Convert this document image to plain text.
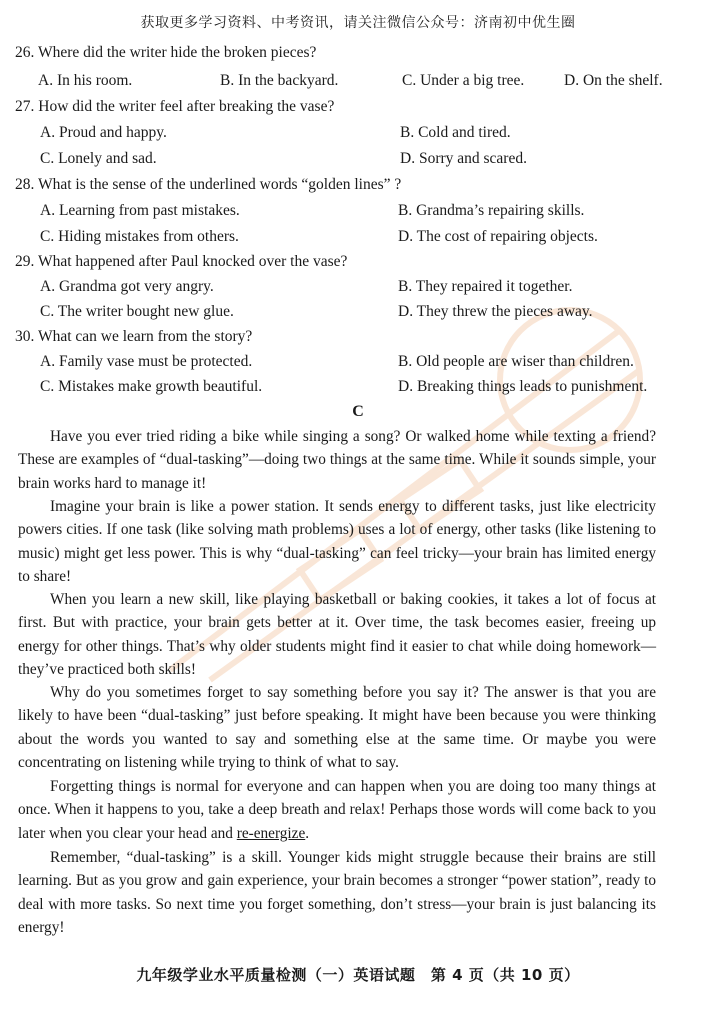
获取更多学习资料、中考资讯，请关注微信公众号：济南初中优生圈
26. Where did the writer hide the broken pieces?
A. In his room.	B. In the backyard.	C. Under a big tree.	D. On the shelf.
27. How did the writer feel after breaking the vase?
A. Proud and happy.	B. Cold and tired.
C. Lonely and sad.	D. Sorry and scared.
28. What is the sense of the underlined words “golden lines” ?
A. Learning from past mistakes.	B. Grandma’s repairing skills.
C. Hiding mistakes from others.	D. The cost of repairing objects.
29. What happened after Paul knocked over the vase?
A. Grandma got very angry.	B. They repaired it together.
C. The writer bought new glue.	D. They threw the pieces away.
30. What can we learn from the story?
A. Family vase must be protected.	B. Old people are wiser than children.
C. Mistakes make growth beautiful.	D. Breaking things leads to punishment.
C

Have you ever tried riding a bike while singing a song? Or walked home while texting a friend? These are examples of “dual-tasking”—doing two things at the same time. While it sounds simple, your brain works hard to manage it!

Imagine your brain is like a power station. It sends energy to different tasks, just like electricity powers cities. If one task (like solving math problems) uses a lot of energy, other tasks (like listening to music) might get less power. This is why “dual-tasking” can feel tricky—your brain has limited energy to share!

When you learn a new skill, like playing basketball or baking cookies, it takes a lot of focus at first. But with practice, your brain gets better at it. Over time, the task becomes easier, freeing up energy for other things. That’s why older students might find it easier to chat while doing homework—they’ve practiced both skills!

Why do you sometimes forget to say something before you say it? The answer is that you are likely to have been “dual-tasking” just before speaking. It might have been because you were thinking about the words you wanted to say and something else at the same time. Or maybe you were concentrating on listening while trying to think of what to say.

Forgetting things is normal for everyone and can happen when you are doing too many things at once. When it happens to you, take a deep breath and relax! Perhaps those words will come back to you later when you clear your head and re-energize.

Remember, “dual-tasking” is a skill. Younger kids might struggle because their brains are still learning. But as you grow and gain experience, your brain becomes a stronger “power station”, ready to deal with more tasks. So next time you forget something, don’t stress—your brain is just balancing its energy!

九年级学业水平质量检测（一）英语试题　第 4 页（共 10 页）
